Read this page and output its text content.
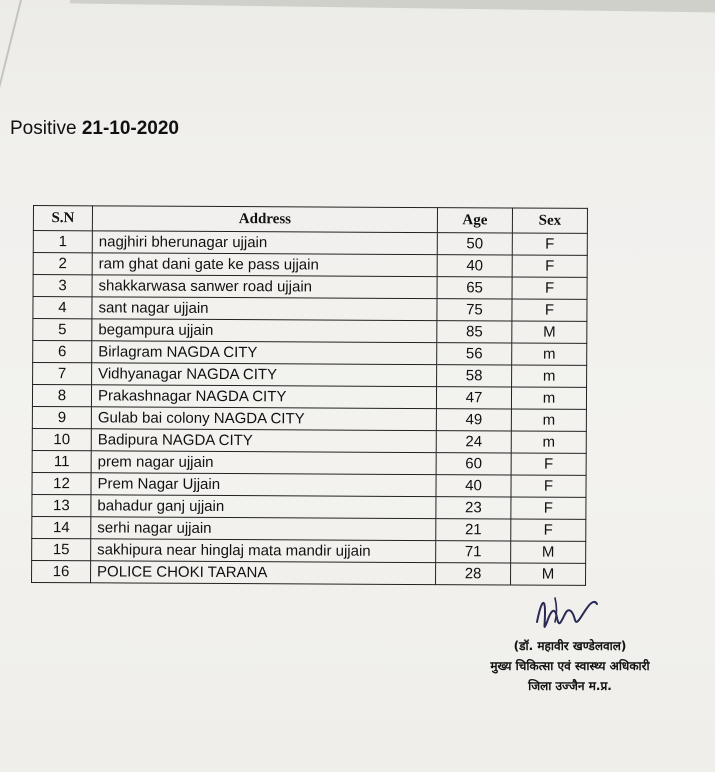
Positive 21-10-2020
S.N	Address	Age	Sex
1	nagjhiri bherunagar ujjain	50	F
2	ram ghat dani gate ke pass ujjain	40	F
3	shakkarwasa sanwer road ujjain	65	F
4	sant nagar ujjain	75	F
5	begampura ujjain	85	M
6	Birlagram NAGDA CITY	56	m
7	Vidhyanagar NAGDA CITY	58	m
8	Prakashnagar NAGDA CITY	47	m
9	Gulab bai colony NAGDA CITY	49	m
10	Badipura NAGDA CITY	24	m
11	prem nagar ujjain	60	F
12	Prem Nagar Ujjain	40	F
13	bahadur ganj ujjain	23	F
14	serhi nagar ujjain	21	F
15	sakhipura near hinglaj mata mandir ujjain	71	M
16	POLICE CHOKI TARANA	28	M
(डॉ. महावीर खण्डेलवाल)
मुख्य चिकित्सा एवं स्वास्थ्य अधिकारी
जिला उज्जैन म.प्र.
